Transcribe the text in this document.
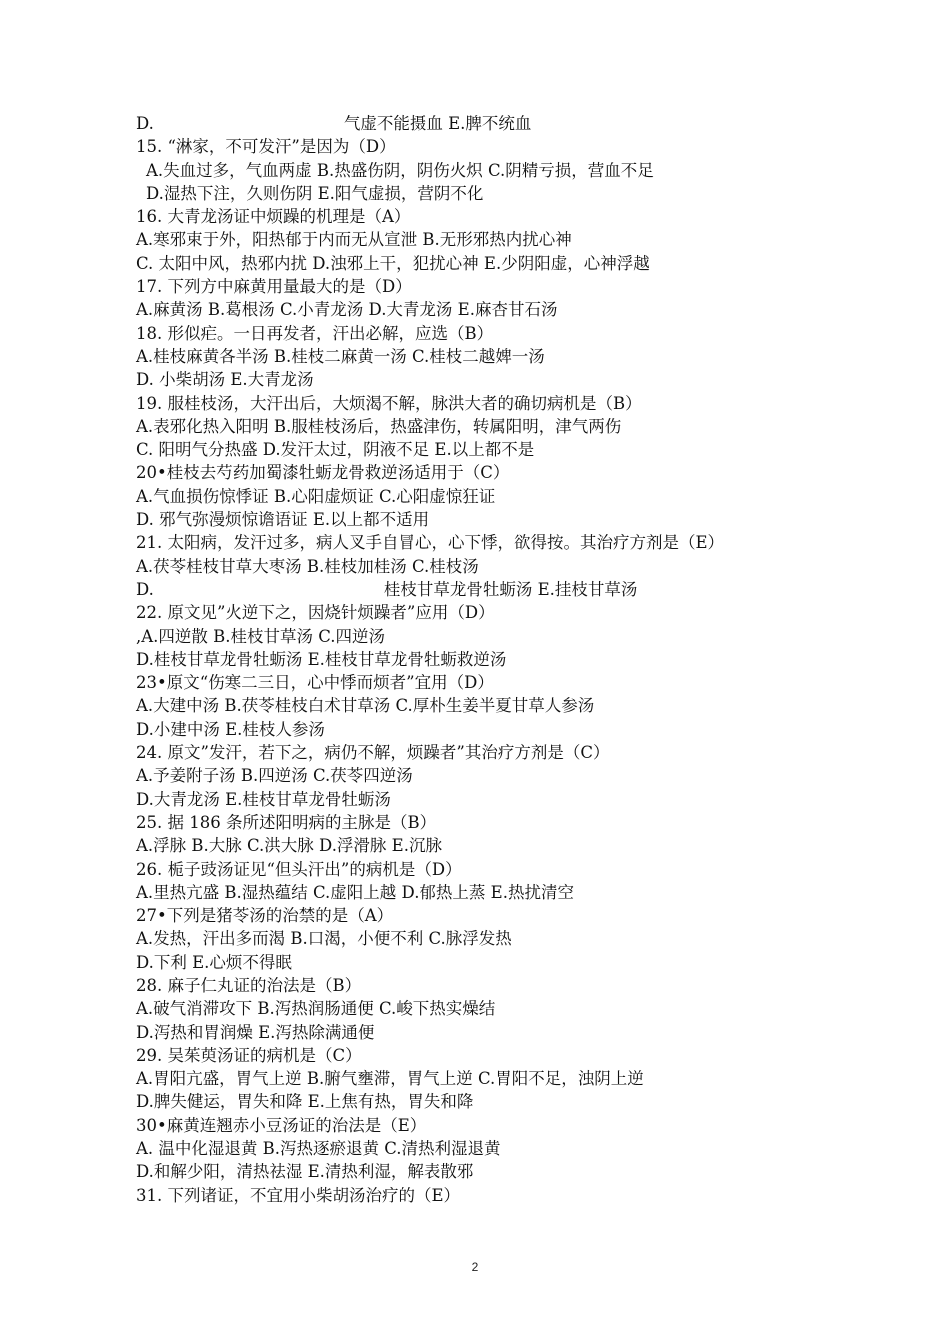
D.	气虚不能摄血 E.脾不统血
15. “淋家，不可发汗”是因为（D）
A.失血过多，气血两虚 B.热盛伤阴，阴伤火炽 C.阴精亏损，营血不足
D.湿热下注，久则伤阴 E.阳气虚损，营阴不化
16. 大青龙汤证中烦躁的机理是（A）
A.寒邪束于外，阳热郁于内而无从宣泄 B.无形邪热内扰心神
C. 太阳中风，热邪内扰 D.浊邪上干，犯扰心神 E.少阴阳虚，心神浮越
17. 下列方中麻黄用量最大的是（D）
A.麻黄汤 B.葛根汤 C.小青龙汤 D.大青龙汤 E.麻杏甘石汤
18. 形似疟。一日再发者，汗出必解，应选（B）
A.桂枝麻黄各半汤 B.桂枝二麻黄一汤 C.桂枝二越婢一汤
D. 小柴胡汤 E.大青龙汤
19. 服桂枝汤，大汗出后，大烦渴不解，脉洪大者的确切病机是（B）
A.表邪化热入阳明 B.服桂枝汤后，热盛津伤，转属阳明，津气两伤
C. 阳明气分热盛 D.发汗太过，阴液不足 E.以上都不是
20•桂枝去芍药加蜀漆牡蛎龙骨救逆汤适用于（C）
A.气血损伤惊悸证 B.心阳虚烦证 C.心阳虚惊狂证
D. 邪气弥漫烦惊谵语证 E.以上都不适用
21. 太阳病，发汗过多，病人叉手自冒心，心下悸，欲得按。其治疗方剂是（E）
A.茯苓桂枝甘草大枣汤 B.桂枝加桂汤 C.桂枝汤
D.	桂枝甘草龙骨牡蛎汤 E.挂枝甘草汤
22. 原文见”火逆下之，因烧针烦躁者”应用（D）
,A.四逆散 B.桂枝甘草汤 C.四逆汤
D.桂枝甘草龙骨牡蛎汤 E.桂枝甘草龙骨牡蛎救逆汤
23•原文“伤寒二三日，心中悸而烦者”宜用（D）
A.大建中汤 B.茯苓桂枝白术甘草汤 C.厚朴生姜半夏甘草人参汤
D.小建中汤 E.桂枝人参汤
24. 原文”发汗，若下之，病仍不解，烦躁者”其治疗方剂是（C）
A.予姜附子汤 B.四逆汤 C.茯苓四逆汤
D.大青龙汤 E.桂枝甘草龙骨牡蛎汤
25. 据 186 条所述阳明病的主脉是（B）
A.浮脉 B.大脉 C.洪大脉 D.浮滑脉 E.沉脉
26. 栀子豉汤证见“但头汗出”的病机是（D）
A.里热亢盛 B.湿热蕴结 C.虚阳上越 D.郁热上蒸 E.热扰清空
27•下列是猪苓汤的治禁的是（A）
A.发热，汗出多而渴 B.口渴，小便不利 C.脉浮发热
D.下利 E.心烦不得眠
28. 麻子仁丸证的治法是（B）
A.破气消滞攻下 B.泻热润肠通便 C.峻下热实燥结
D.泻热和胃润燥 E.泻热除满通便
29. 吴茱萸汤证的病机是（C）
A.胃阳亢盛，胃气上逆 B.腑气壅滞，胃气上逆 C.胃阳不足，浊阴上逆
D.脾失健运，胃失和降 E.上焦有热，胃失和降
30•麻黄连翘赤小豆汤证的治法是（E）
A. 温中化湿退黄 B.泻热逐瘀退黄 C.清热利湿退黄
D.和解少阳，清热祛湿 E.清热利湿，解表散邪
31. 下列诸证，不宜用小柴胡汤治疗的（E）
2
